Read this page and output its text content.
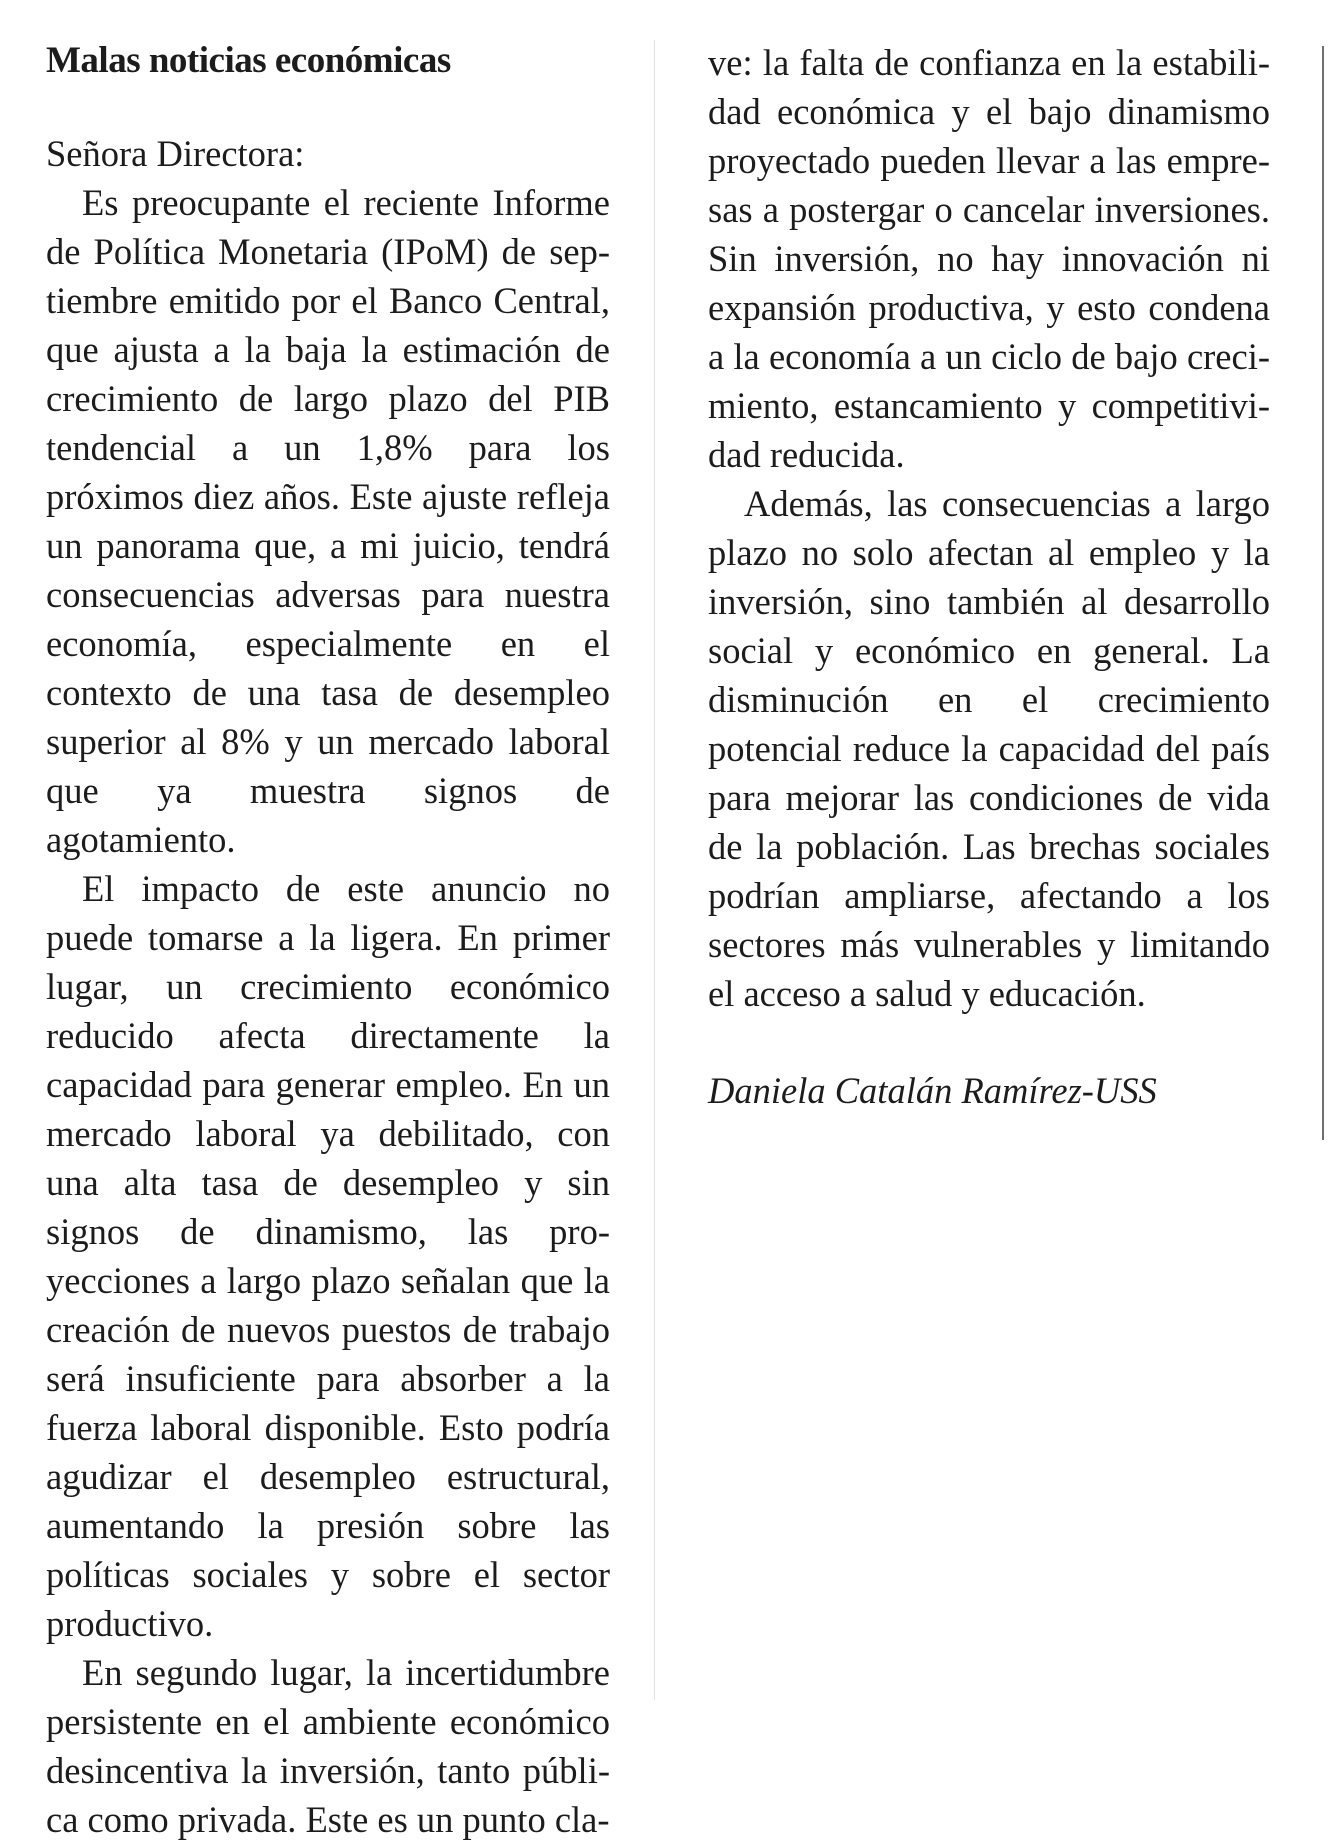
Malas noticias económicas

Señora Directora:

Es preocupante el reciente Informe de Política Monetaria (IPoM) de septiembre emitido por el Banco Central, que ajusta a la baja la estimación de crecimiento de largo plazo del PIB tendencial a un 1,8% para los próximos diez años. Este ajuste refleja un panorama que, a mi juicio, tendrá consecuencias adversas para nuestra economía, especialmente en el contexto de una tasa de desempleo superior al 8% y un mercado laboral que ya muestra signos de agotamiento.

El impacto de este anuncio no puede tomarse a la ligera. En primer lugar, un crecimiento económico reducido afecta directamente la capacidad para generar empleo. En un mercado laboral ya debilitado, con una alta tasa de desempleo y sin signos de dinamismo, las proyecciones a largo plazo señalan que la creación de nuevos puestos de trabajo será insuficiente para absorber a la fuerza laboral disponible. Esto podría agudizar el desempleo estructural, aumentando la presión sobre las políticas sociales y sobre el sector productivo.

En segundo lugar, la incertidumbre persistente en el ambiente económico desincentiva la inversión, tanto pública como privada. Este es un punto cla-

ve: la falta de confianza en la estabilidad económica y el bajo dinamismo proyectado pueden llevar a las empresas a postergar o cancelar inversiones. Sin inversión, no hay innovación ni expansión productiva, y esto condena a la economía a un ciclo de bajo crecimiento, estancamiento y competitividad reducida.

Además, las consecuencias a largo plazo no solo afectan al empleo y la inversión, sino también al desarrollo social y económico en general. La disminución en el crecimiento potencial reduce la capacidad del país para mejorar las condiciones de vida de la población. Las brechas sociales podrían ampliarse, afectando a los sectores más vulnerables y limitando el acceso a salud y educación.

Daniela Catalán Ramírez-USS
